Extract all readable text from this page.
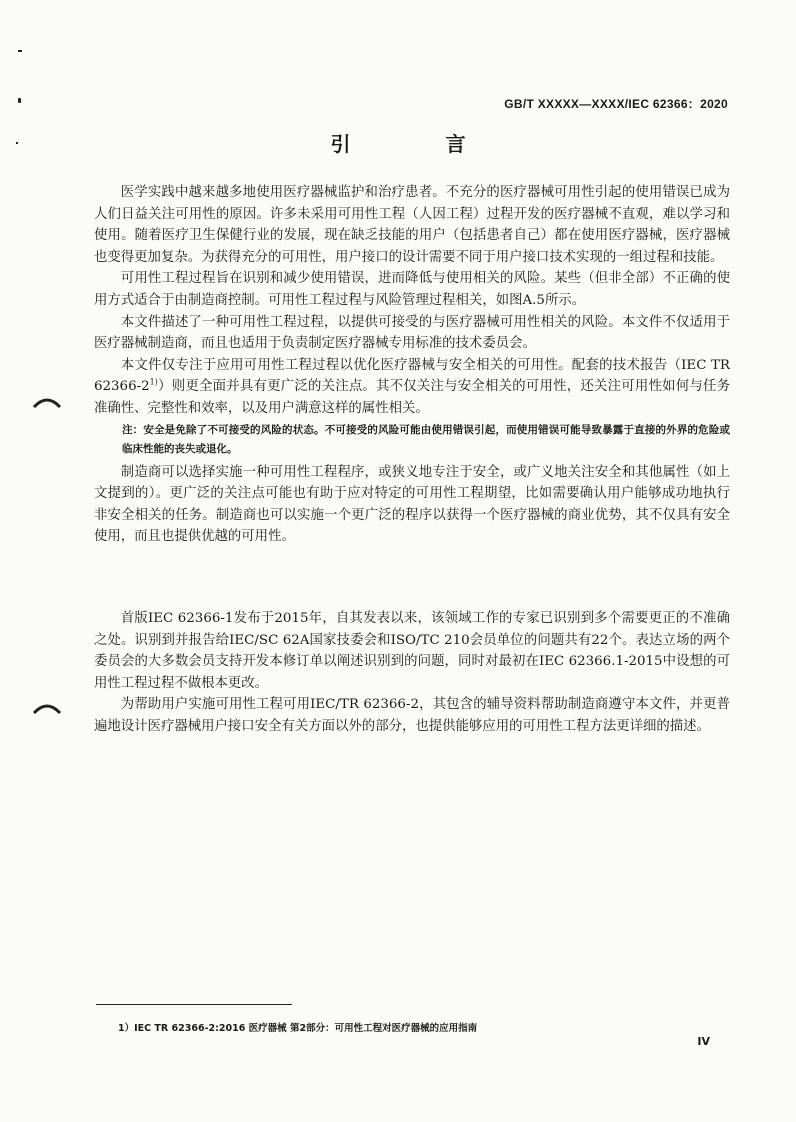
GB/T XXXXX—XXXX/IEC 62366：2020
引 言

医学实践中越来越多地使用医疗器械监护和治疗患者。不充分的医疗器械可用性引起的使用错误已成为人们日益关注可用性的原因。许多未采用可用性工程（人因工程）过程开发的医疗器械不直观，难以学习和使用。随着医疗卫生保健行业的发展，现在缺乏技能的用户（包括患者自己）都在使用医疗器械，医疗器械也变得更加复杂。为获得充分的可用性，用户接口的设计需要不同于用户接口技术实现的一组过程和技能。

可用性工程过程旨在识别和减少使用错误，进而降低与使用相关的风险。某些（但非全部）不正确的使用方式适合于由制造商控制。可用性工程过程与风险管理过程相关，如图A.5所示。

本文件描述了一种可用性工程过程，以提供可接受的与医疗器械可用性相关的风险。本文件不仅适用于医疗器械制造商，而且也适用于负责制定医疗器械专用标准的技术委员会。

本文件仅专注于应用可用性工程过程以优化医疗器械与安全相关的可用性。配套的技术报告（IEC TR 62366-2$^{1)}$）则更全面并具有更广泛的关注点。其不仅关注与安全相关的可用性，还关注可用性如何与任务准确性、完整性和效率，以及用户满意这样的属性相关。

注：安全是免除了不可接受的风险的状态。不可接受的风险可能由使用错误引起，而使用错误可能导致暴露于直接的外界的危险或临床性能的丧失或退化。

制造商可以选择实施一种可用性工程程序，或狭义地专注于安全，或广义地关注安全和其他属性（如上文提到的）。更广泛的关注点可能也有助于应对特定的可用性工程期望，比如需要确认用户能够成功地执行非安全相关的任务。制造商也可以实施一个更广泛的程序以获得一个医疗器械的商业优势，其不仅具有安全使用，而且也提供优越的可用性。

首版IEC 62366-1发布于2015年，自其发表以来，该领域工作的专家已识别到多个需要更正的不准确之处。识别到并报告给IEC/SC 62A国家技委会和ISO/TC 210会员单位的问题共有22个。表达立场的两个委员会的大多数会员支持开发本修订单以阐述识别到的问题，同时对最初在IEC 62366.1-2015中设想的可用性工程过程不做根本更改。

为帮助用户实施可用性工程可用IEC/TR 62366-2，其包含的辅导资料帮助制造商遵守本文件，并更普遍地设计医疗器械用户接口安全有关方面以外的部分，也提供能够应用的可用性工程方法更详细的描述。

1）IEC TR 62366-2:2016 医疗器械 第2部分：可用性工程对医疗器械的应用指南
IV
